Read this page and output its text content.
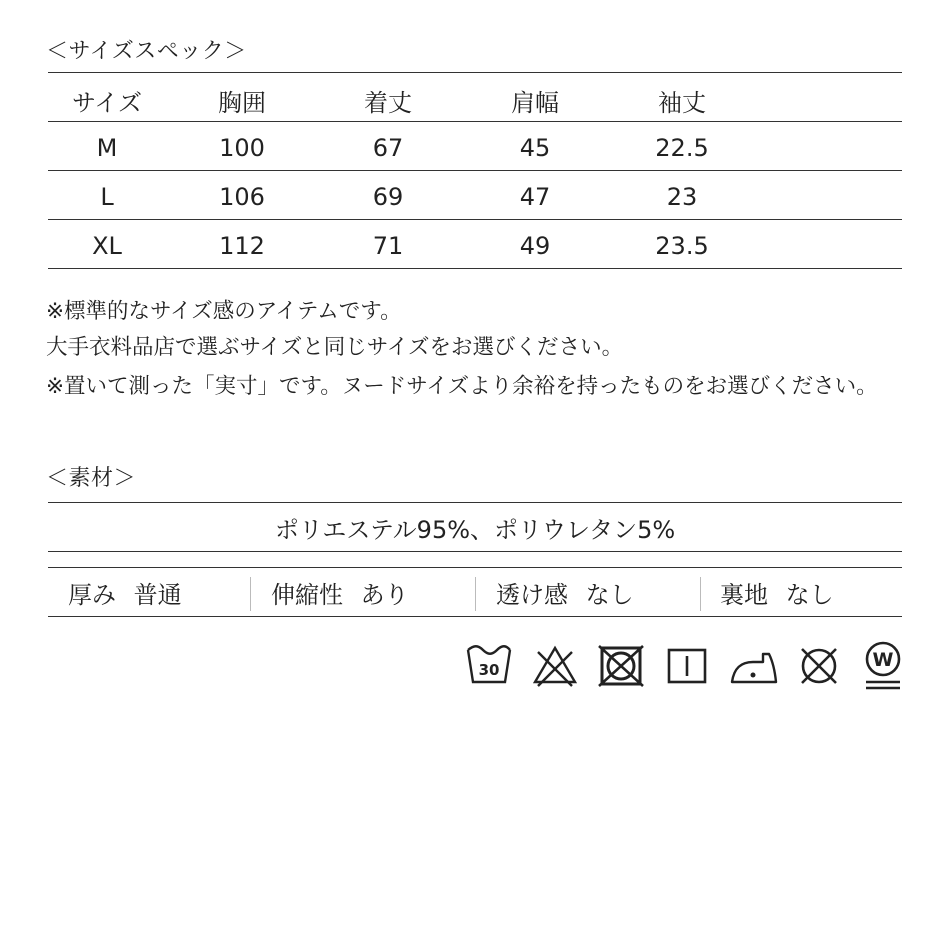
＜サイズスペック＞
サイズ	胸囲	着丈	肩幅	袖丈
M	100	67	45	22.5
L	106	69	47	23
XL	112	71	49	23.5
※標準的なサイズ感のアイテムです。
大手衣料品店で選ぶサイズと同じサイズをお選びください。
※置いて測った「実寸」です。ヌードサイズより余裕を持ったものをお選びください。
＜素材＞
ポリエステル95%、ポリウレタン5%
厚み 普通	伸縮性 あり	透け感 なし	裏地 なし
30	W
